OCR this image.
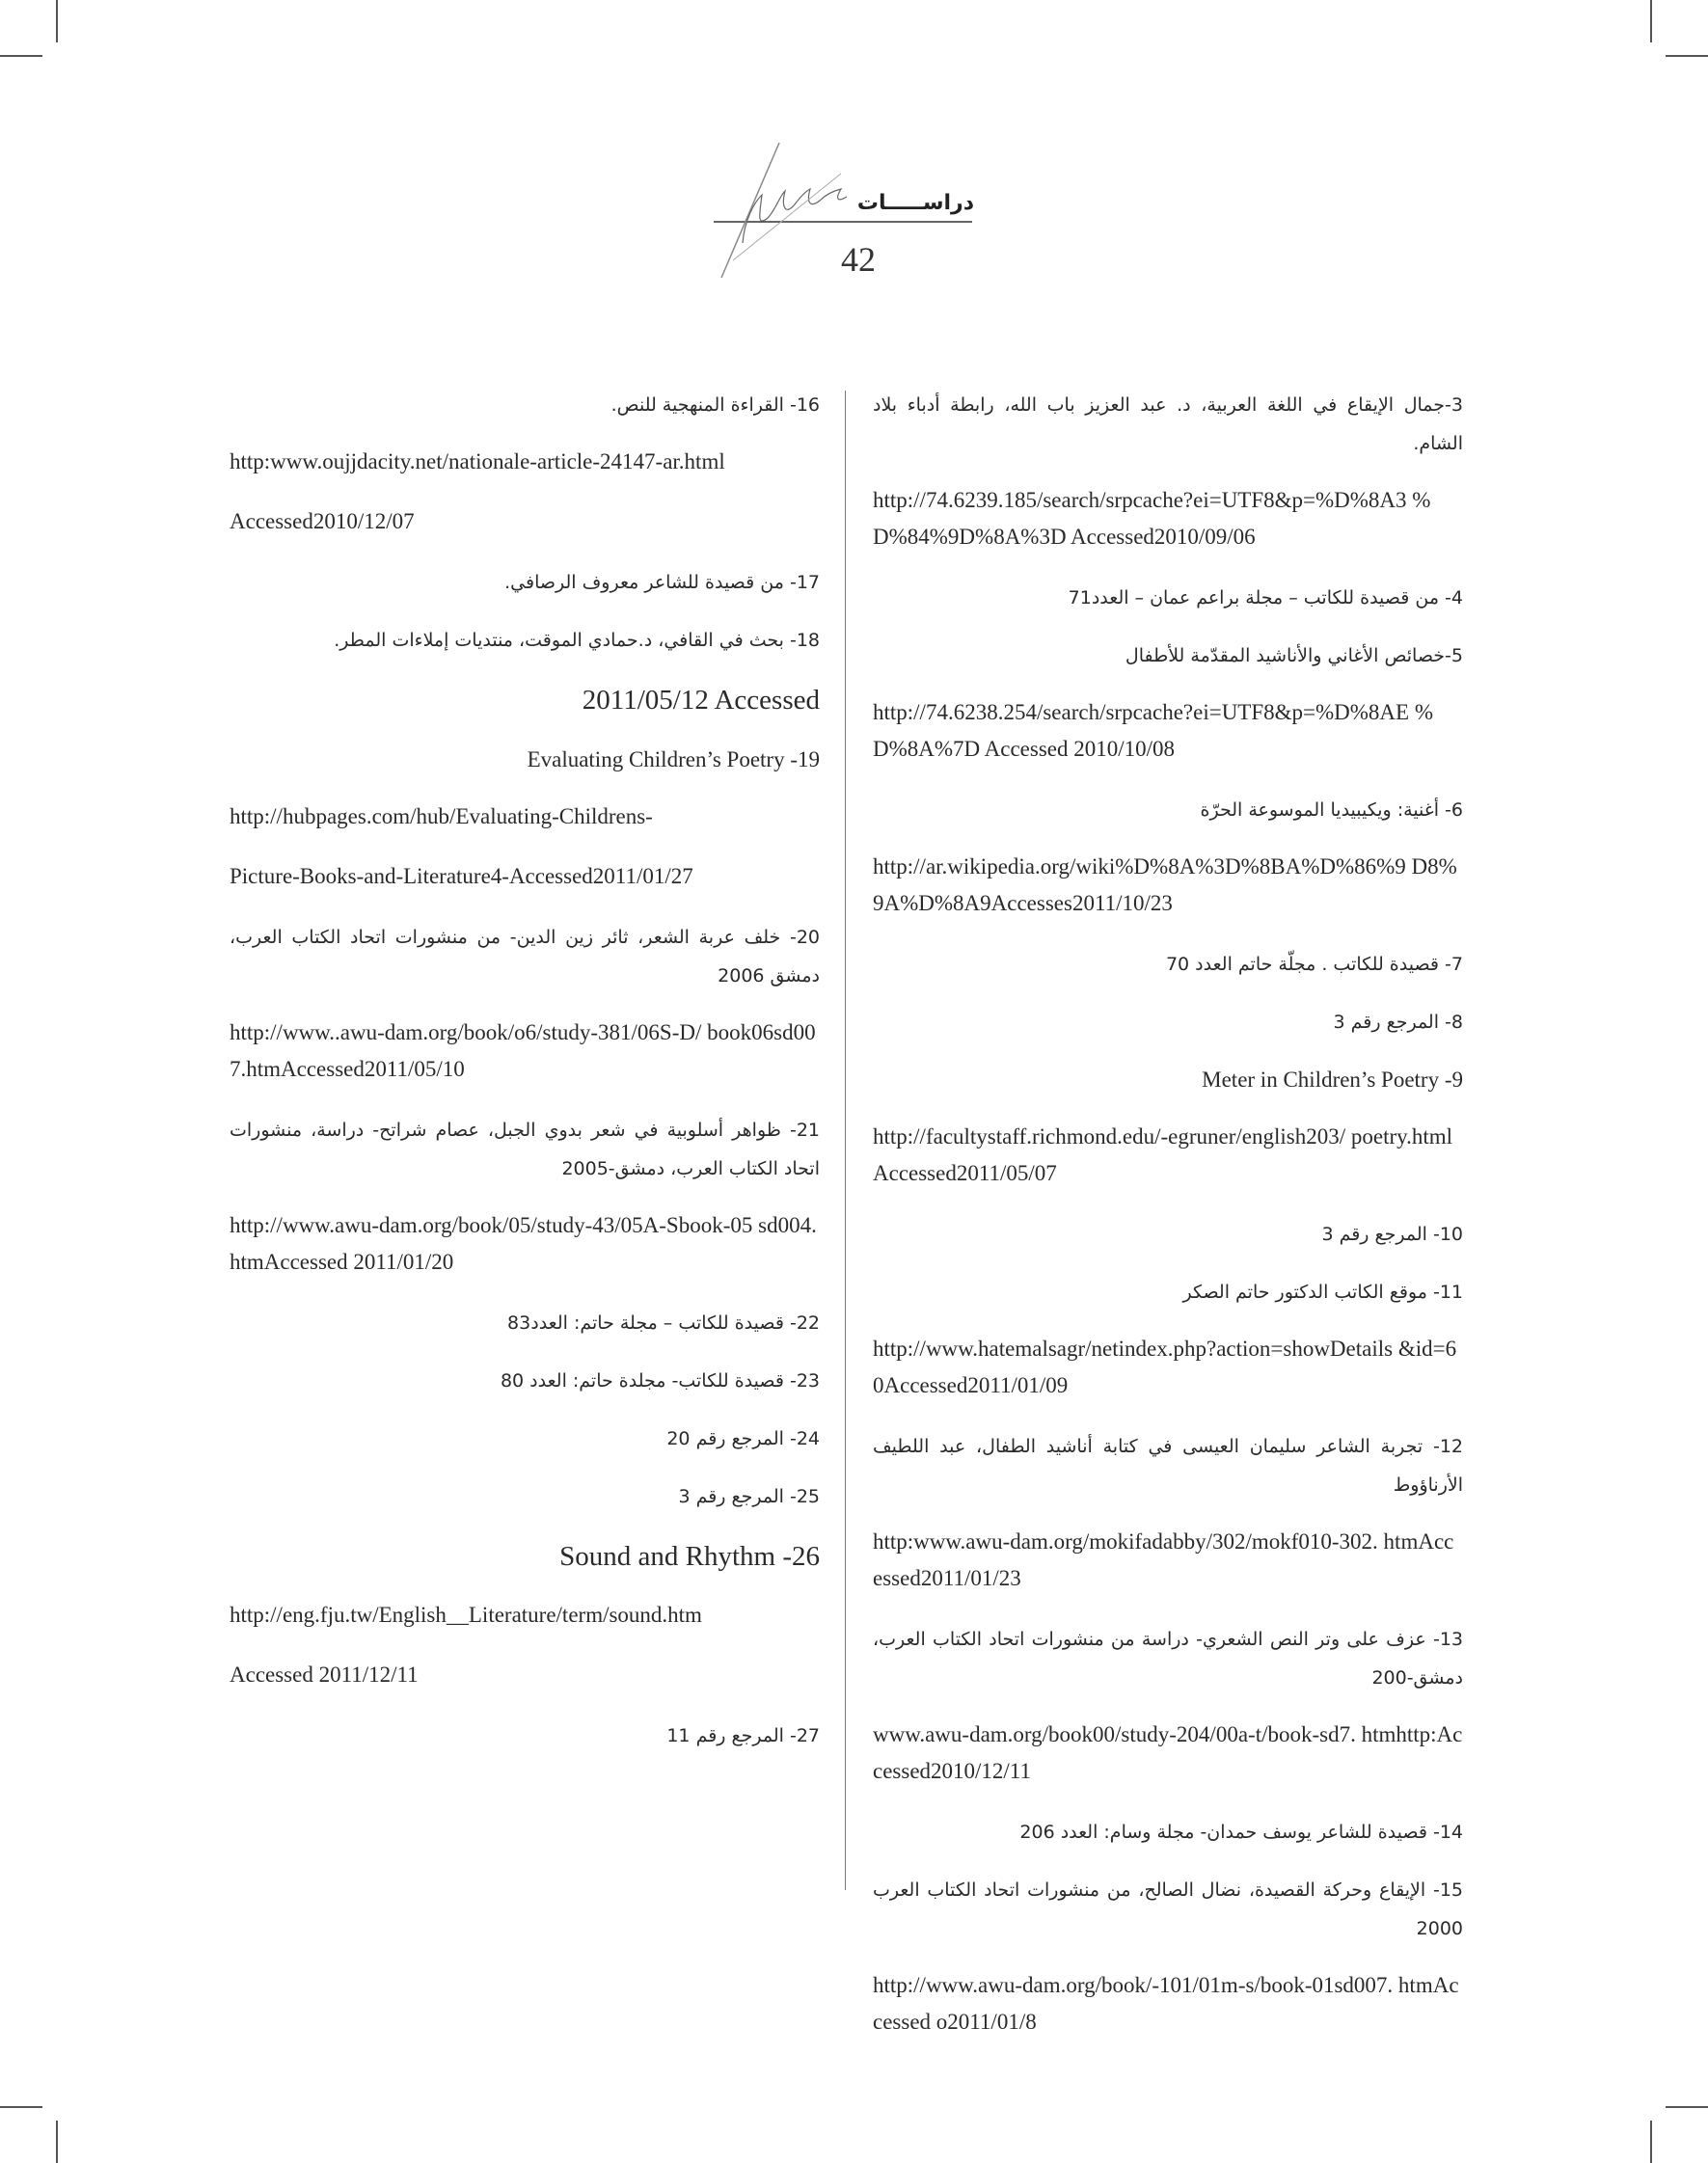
دراســـــات
42

3-جمال الإيقاع في اللغة العربية، د. عبد العزيز باب الله، رابطة أدباء بلاد الشام.

http://74.6239.185/search/srpcache?ei=UTF8&p=%D%8A3 %D%84%9D%8A%3D Accessed2010/09/06

4- من قصيدة للكاتب – مجلة براعم عمان – العدد71

5-خصائص الأغاني والأناشيد المقدّمة للأطفال

http://74.6238.254/search/srpcache?ei=UTF8&p=%D%8AE %D%8A%7D Accessed 2010/10/08

6- أغنية: ويكيبيديا الموسوعة الحرّة

http://ar.wikipedia.org/wiki%D%8A%3D%8BA%D%86%9 D8%9A%D%8A9Accesses2011/10/23

7- قصيدة للكاتب . مجلّة حاتم العدد 70

8- المرجع رقم 3

Meter in Children’s Poetry -9

http://facultystaff.richmond.edu/-egruner/english203/ poetry.htmlAccessed2011/05/07

10- المرجع رقم 3

11- موقع الكاتب الدكتور حاتم الصكر

http://www.hatemalsagr/netindex.php?action=showDetails &id=60Accessed2011/01/09

12- تجربة الشاعر سليمان العيسى في كتابة أناشيد الطفال، عبد اللطيف الأرناؤوط

http:www.awu-dam.org/mokifadabby/302/mokf010-302. htmAccessed2011/01/23

13- عزف على وتر النص الشعري- دراسة من منشورات اتحاد الكتاب العرب، دمشق-200

www.awu-dam.org/book00/study-204/00a-t/book-sd7. htmhttp:Accessed2010/12/11

14- قصيدة للشاعر يوسف حمدان- مجلة وسام: العدد 206

15- الإيقاع وحركة القصيدة، نضال الصالح، من منشورات اتحاد الكتاب العرب 2000

http://www.awu-dam.org/book/-101/01m-s/book-01sd007. htmAccessed o2011/01/8

16- القراءة المنهجية للنص.

http:www.oujjdacity.net/nationale-article-24147-ar.html

Accessed2010/12/07

17- من قصيدة للشاعر معروف الرصافي.

18- بحث في القافي، د.حمادي الموقت، منتديات إملاءات المطر.

2011/05/12 Accessed

Evaluating Children’s Poetry -19

http://hubpages.com/hub/Evaluating-Childrens-

Picture-Books-and-Literature4-Accessed2011/01/27

20- خلف عربة الشعر، ثائر زين الدين- من منشورات اتحاد الكتاب العرب، دمشق 2006

http://www..awu-dam.org/book/o6/study-381/06S-D/ book06sd007.htmAccessed2011/05/10

21- ظواهر أسلوبية في شعر بدوي الجبل، عصام شراتح- دراسة، منشورات اتحاد الكتاب العرب، دمشق-2005

http://www.awu-dam.org/book/05/study-43/05A-Sbook-05 sd004.htmAccessed 2011/01/20

22- قصيدة للكاتب – مجلة حاتم: العدد83

23- قصيدة للكاتب- مجلدة حاتم: العدد 80

24- المرجع رقم 20

25- المرجع رقم 3

Sound and Rhythm -26

http://eng.fju.tw/English__Literature/term/sound.htm

Accessed 2011/12/11

27- المرجع رقم 11
